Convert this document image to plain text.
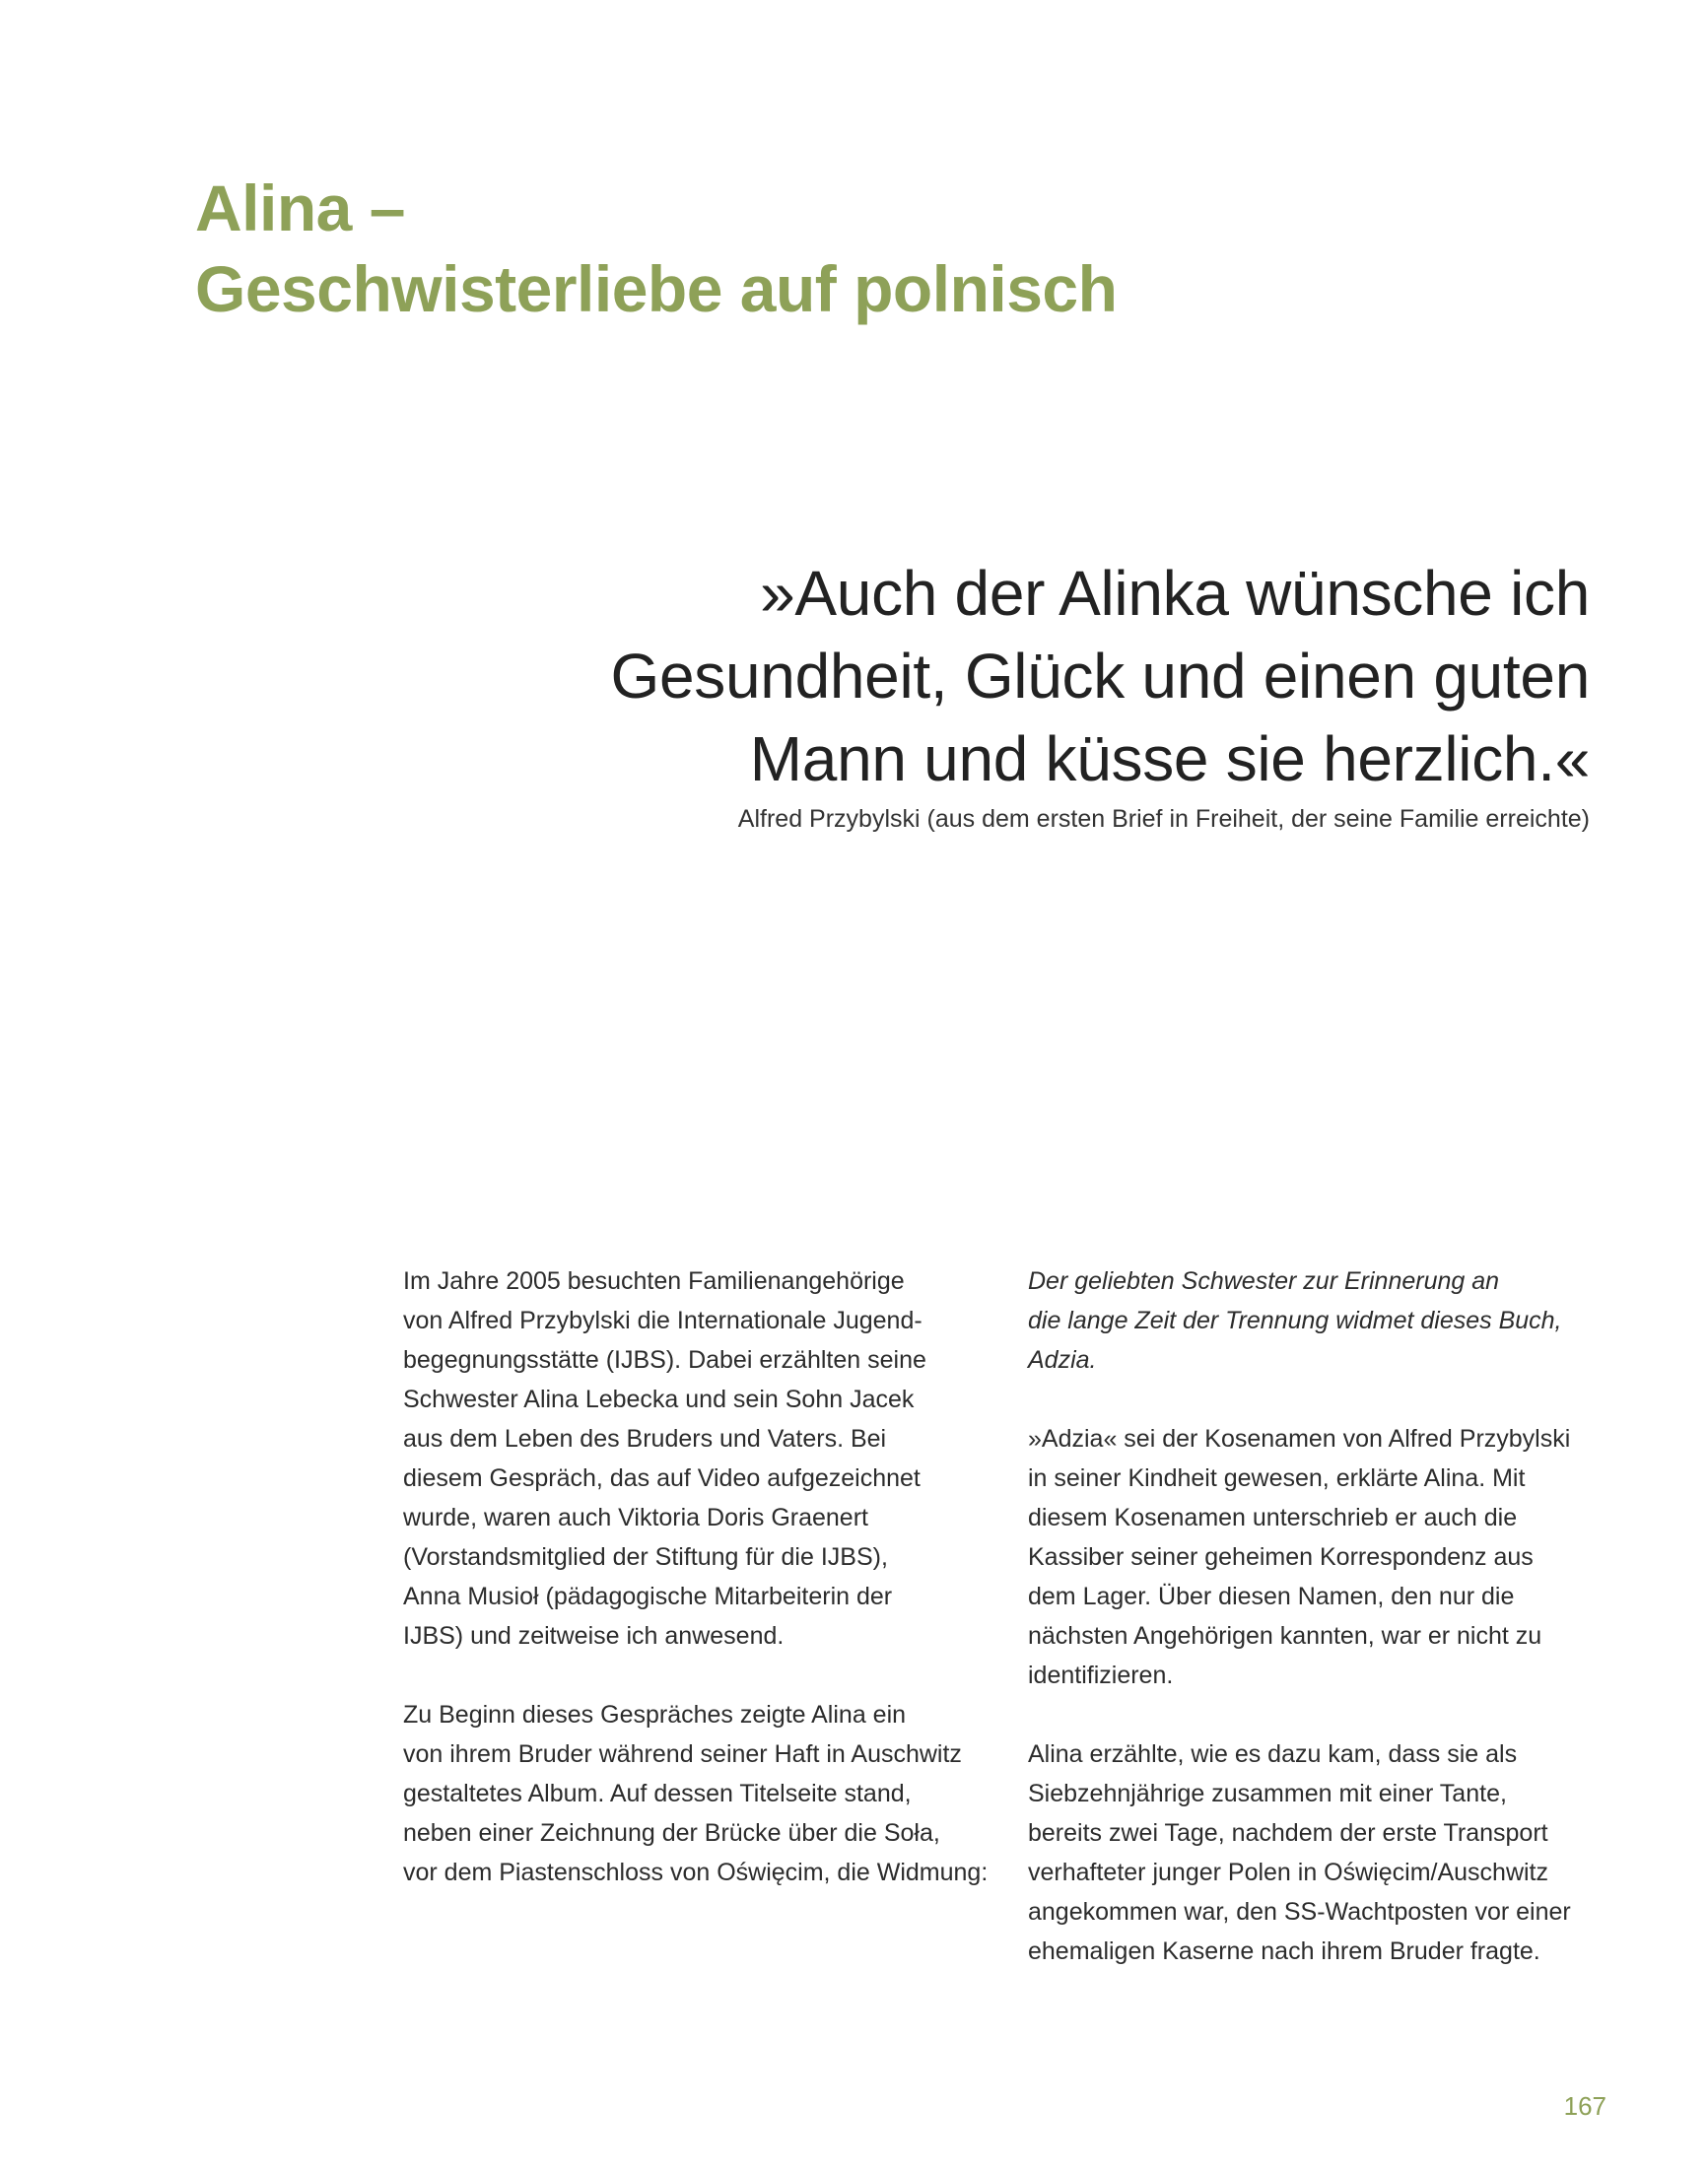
Alina –
Geschwisterliebe auf polnisch

»Auch der Alinka wünsche ich
Gesundheit, Glück und einen guten
Mann und küsse sie herzlich.«

Alfred Przybylski (aus dem ersten Brief in Freiheit, der seine Familie erreichte)

Im Jahre 2005 besuchten Familienangehörige
von Alfred Przybylski die Internationale Jugend-
begegnungsstätte (IJBS). Dabei erzählten seine
Schwester Alina Lebecka und sein Sohn Jacek
aus dem Leben des Bruders und Vaters. Bei
diesem Gespräch, das auf Video aufgezeichnet
wurde, waren auch Viktoria Doris Graenert
(Vorstandsmitglied der Stiftung für die IJBS),
Anna Musioł (pädagogische Mitarbeiterin der
IJBS) und zeitweise ich anwesend.

Zu Beginn dieses Gespräches zeigte Alina ein
von ihrem Bruder während seiner Haft in Auschwitz
gestaltetes Album. Auf dessen Titelseite stand,
neben einer Zeichnung der Brücke über die Soła,
vor dem Piastenschloss von Oświęcim, die Widmung:

Der geliebten Schwester zur Erinnerung an
die lange Zeit der Trennung widmet dieses Buch,
Adzia.

»Adzia« sei der Kosenamen von Alfred Przybylski
in seiner Kindheit gewesen, erklärte Alina. Mit
diesem Kosenamen unterschrieb er auch die
Kassiber seiner geheimen Korrespondenz aus
dem Lager. Über diesen Namen, den nur die
nächsten Angehörigen kannten, war er nicht zu
identifizieren.

Alina erzählte, wie es dazu kam, dass sie als
Siebzehnjährige zusammen mit einer Tante,
bereits zwei Tage, nachdem der erste Transport
verhafteter junger Polen in Oświęcim/Auschwitz
angekommen war, den SS-Wachtposten vor einer
ehemaligen Kaserne nach ihrem Bruder fragte.

167
